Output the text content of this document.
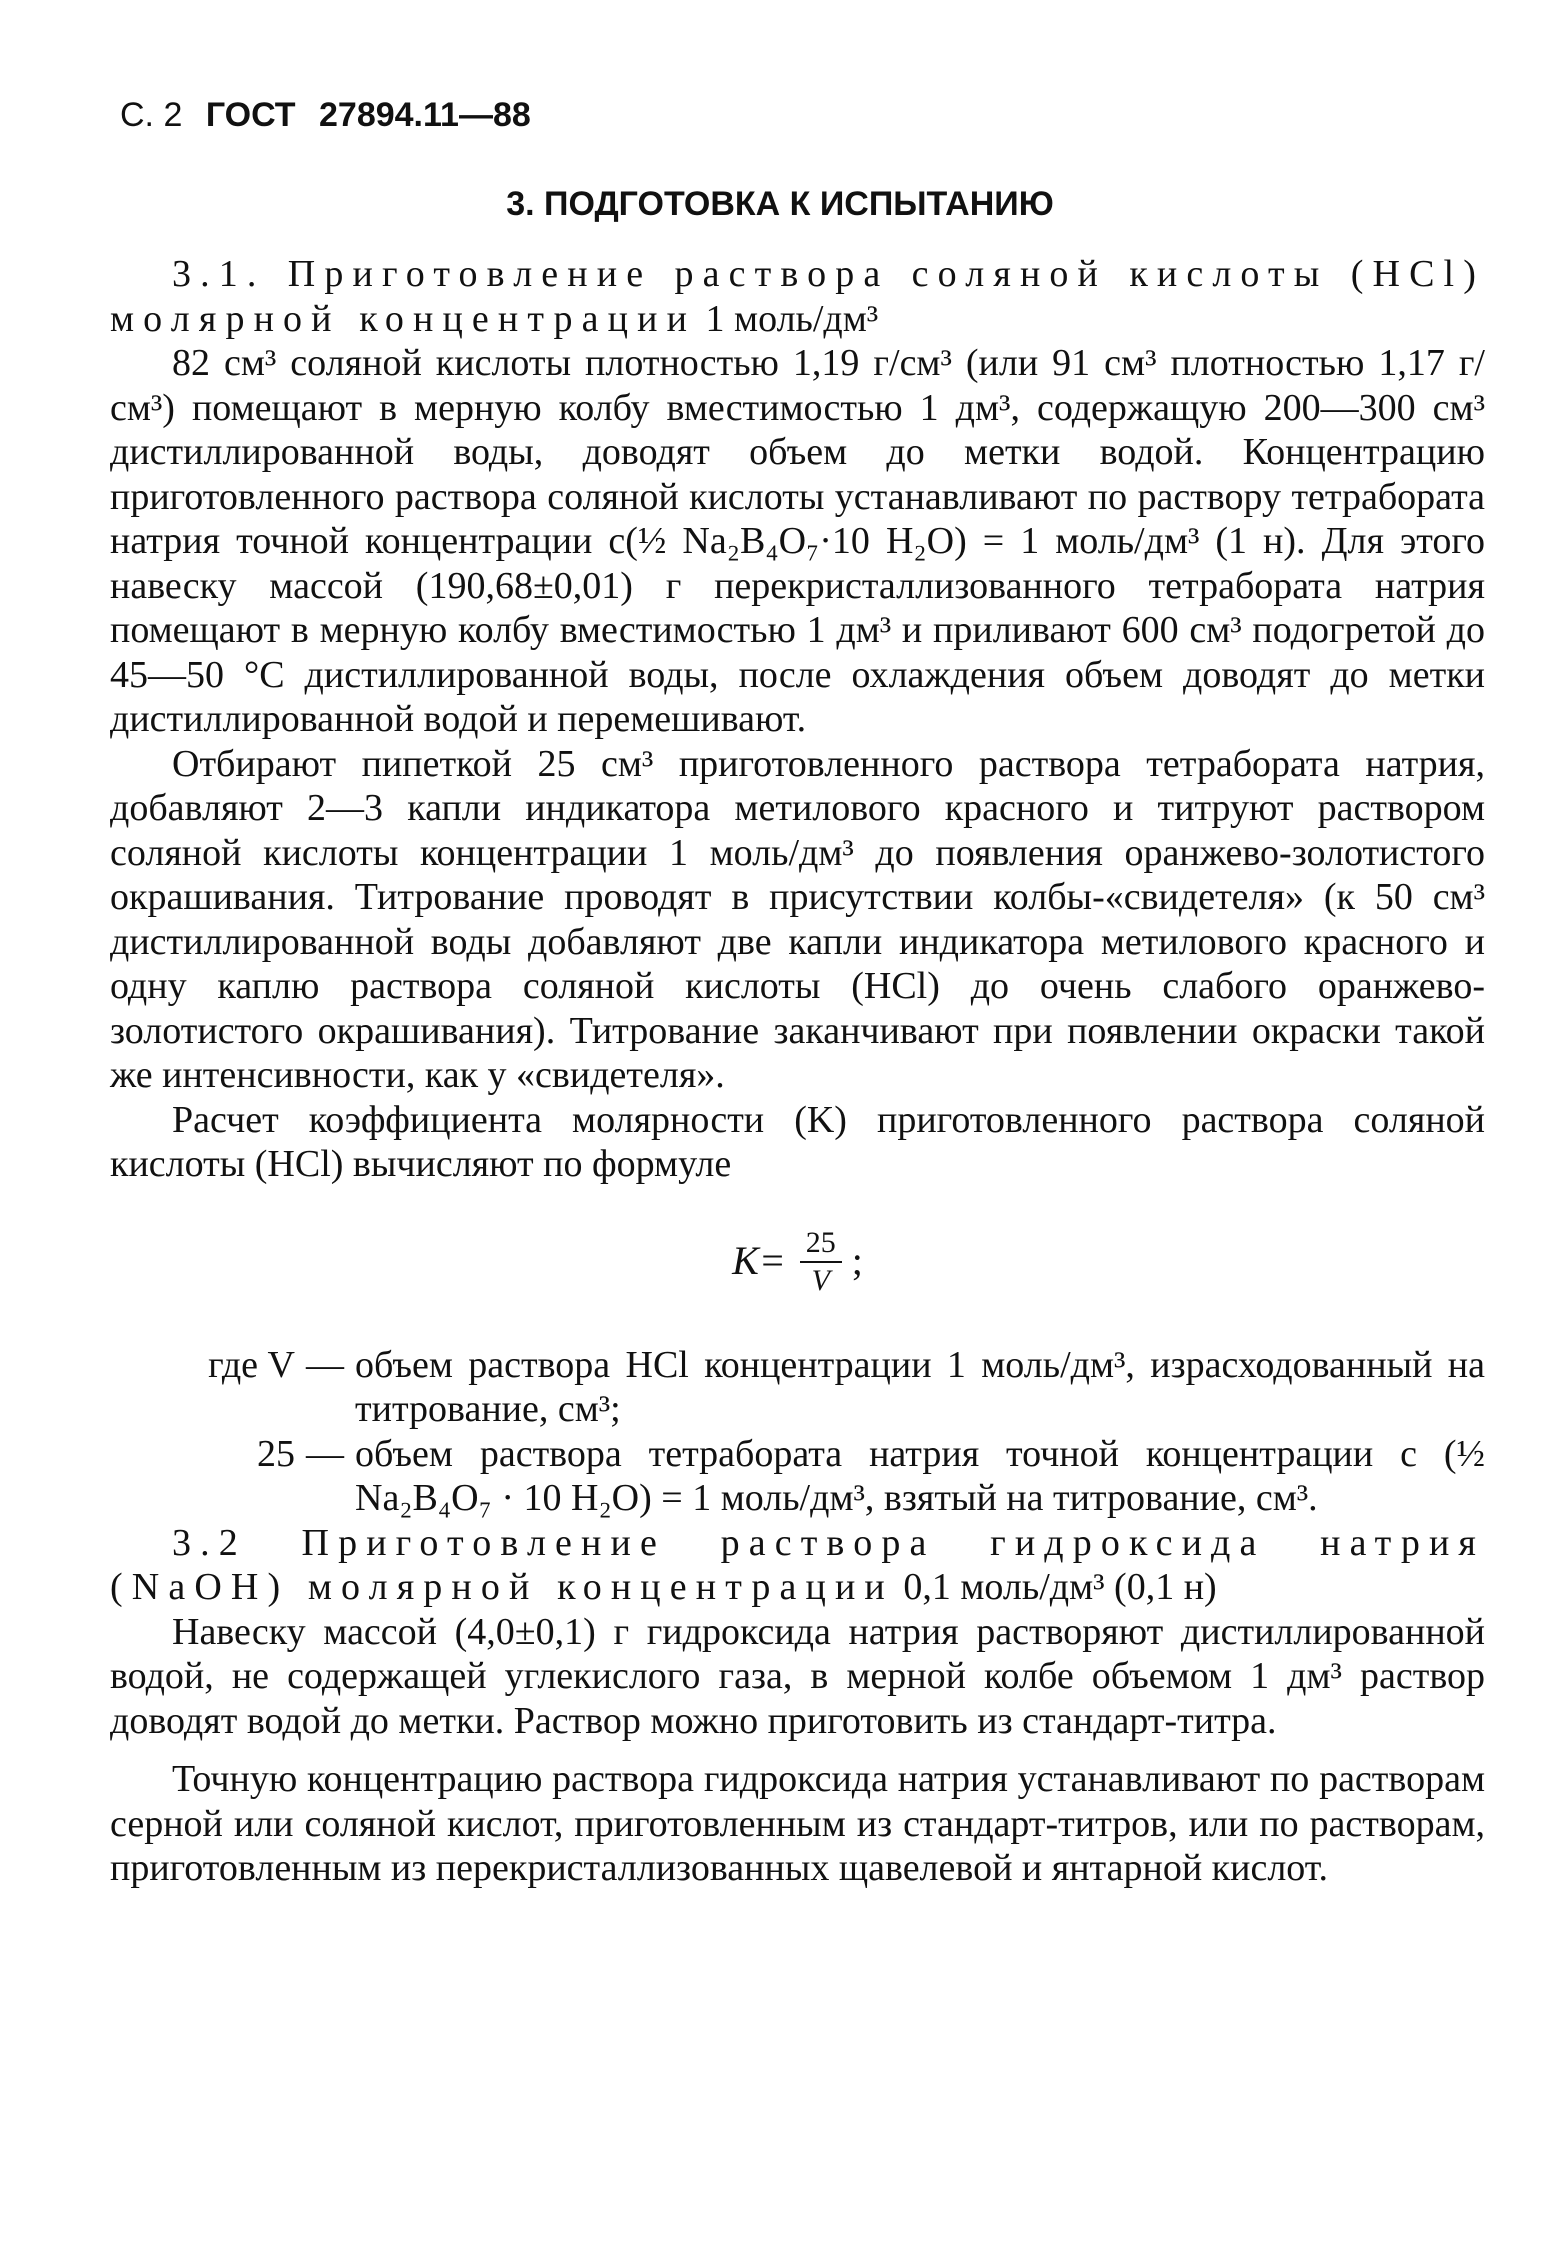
С. 2 ГОСТ 27894.11—88
3. ПОДГОТОВКА К ИСПЫТАНИЮ

3.1. Приготовление раствора соляной кислоты (HCl) молярной концентрации 1 моль/дм³

82 см³ соляной кислоты плотностью 1,19 г/см³ (или 91 см³ плотностью 1,17 г/см³) помещают в мерную колбу вместимостью 1 дм³, содержащую 200—300 см³ дистиллированной воды, доводят объем до метки водой. Концентрацию приготовленного раствора соляной кислоты устанавливают по раствору тетрабората натрия точной концентрации c(½ Na₂B₄O₇·10 H₂O) = 1 моль/дм³ (1 н). Для этого навеску массой (190,68±0,01) г перекристаллизованного тетрабората натрия помещают в мерную колбу вместимостью 1 дм³ и приливают 600 см³ подогретой до 45—50 °С дистиллированной воды, после охлаждения объем доводят до метки дистиллированной водой и перемешивают.

Отбирают пипеткой 25 см³ приготовленного раствора тетрабората натрия, добавляют 2—3 капли индикатора метилового красного и титруют раствором соляной кислоты концентрации 1 моль/дм³ до появления оранжево-золотистого окрашивания. Титрование проводят в присутствии колбы-«свидетеля» (к 50 см³ дистиллированной воды добавляют две капли индикатора метилового красного и одну каплю раствора соляной кислоты (HCl) до очень слабого оранжево-золотистого окрашивания). Титрование заканчивают при появлении окраски такой же интенсивности, как у «свидетеля».

Расчет коэффициента молярности (K) приготовленного раствора соляной кислоты (HCl) вычисляют по формуле

$K= \frac{25}{V}$ ;
где V — объем раствора HCl концентрации 1 моль/дм³, израсходованный на титрование, см³;
25 — объем раствора тетрабората натрия точной концентрации c (½ Na₂B₄O₇ · 10 H₂O) = 1 моль/дм³, взятый на титрование, см³.

3.2 Приготовление раствора гидроксида натрия (NaOH) молярной концентрации 0,1 моль/дм³ (0,1 н)

Навеску массой (4,0±0,1) г гидроксида натрия растворяют дистиллированной водой, не содержащей углекислого газа, в мерной колбе объемом 1 дм³ раствор доводят водой до метки. Раствор можно приготовить из стандарт-титра.

Точную концентрацию раствора гидроксида натрия устанавливают по растворам серной или соляной кислот, приготовленным из стандарт-титров, или по растворам, приготовленным из перекристаллизованных щавелевой и янтарной кислот.
